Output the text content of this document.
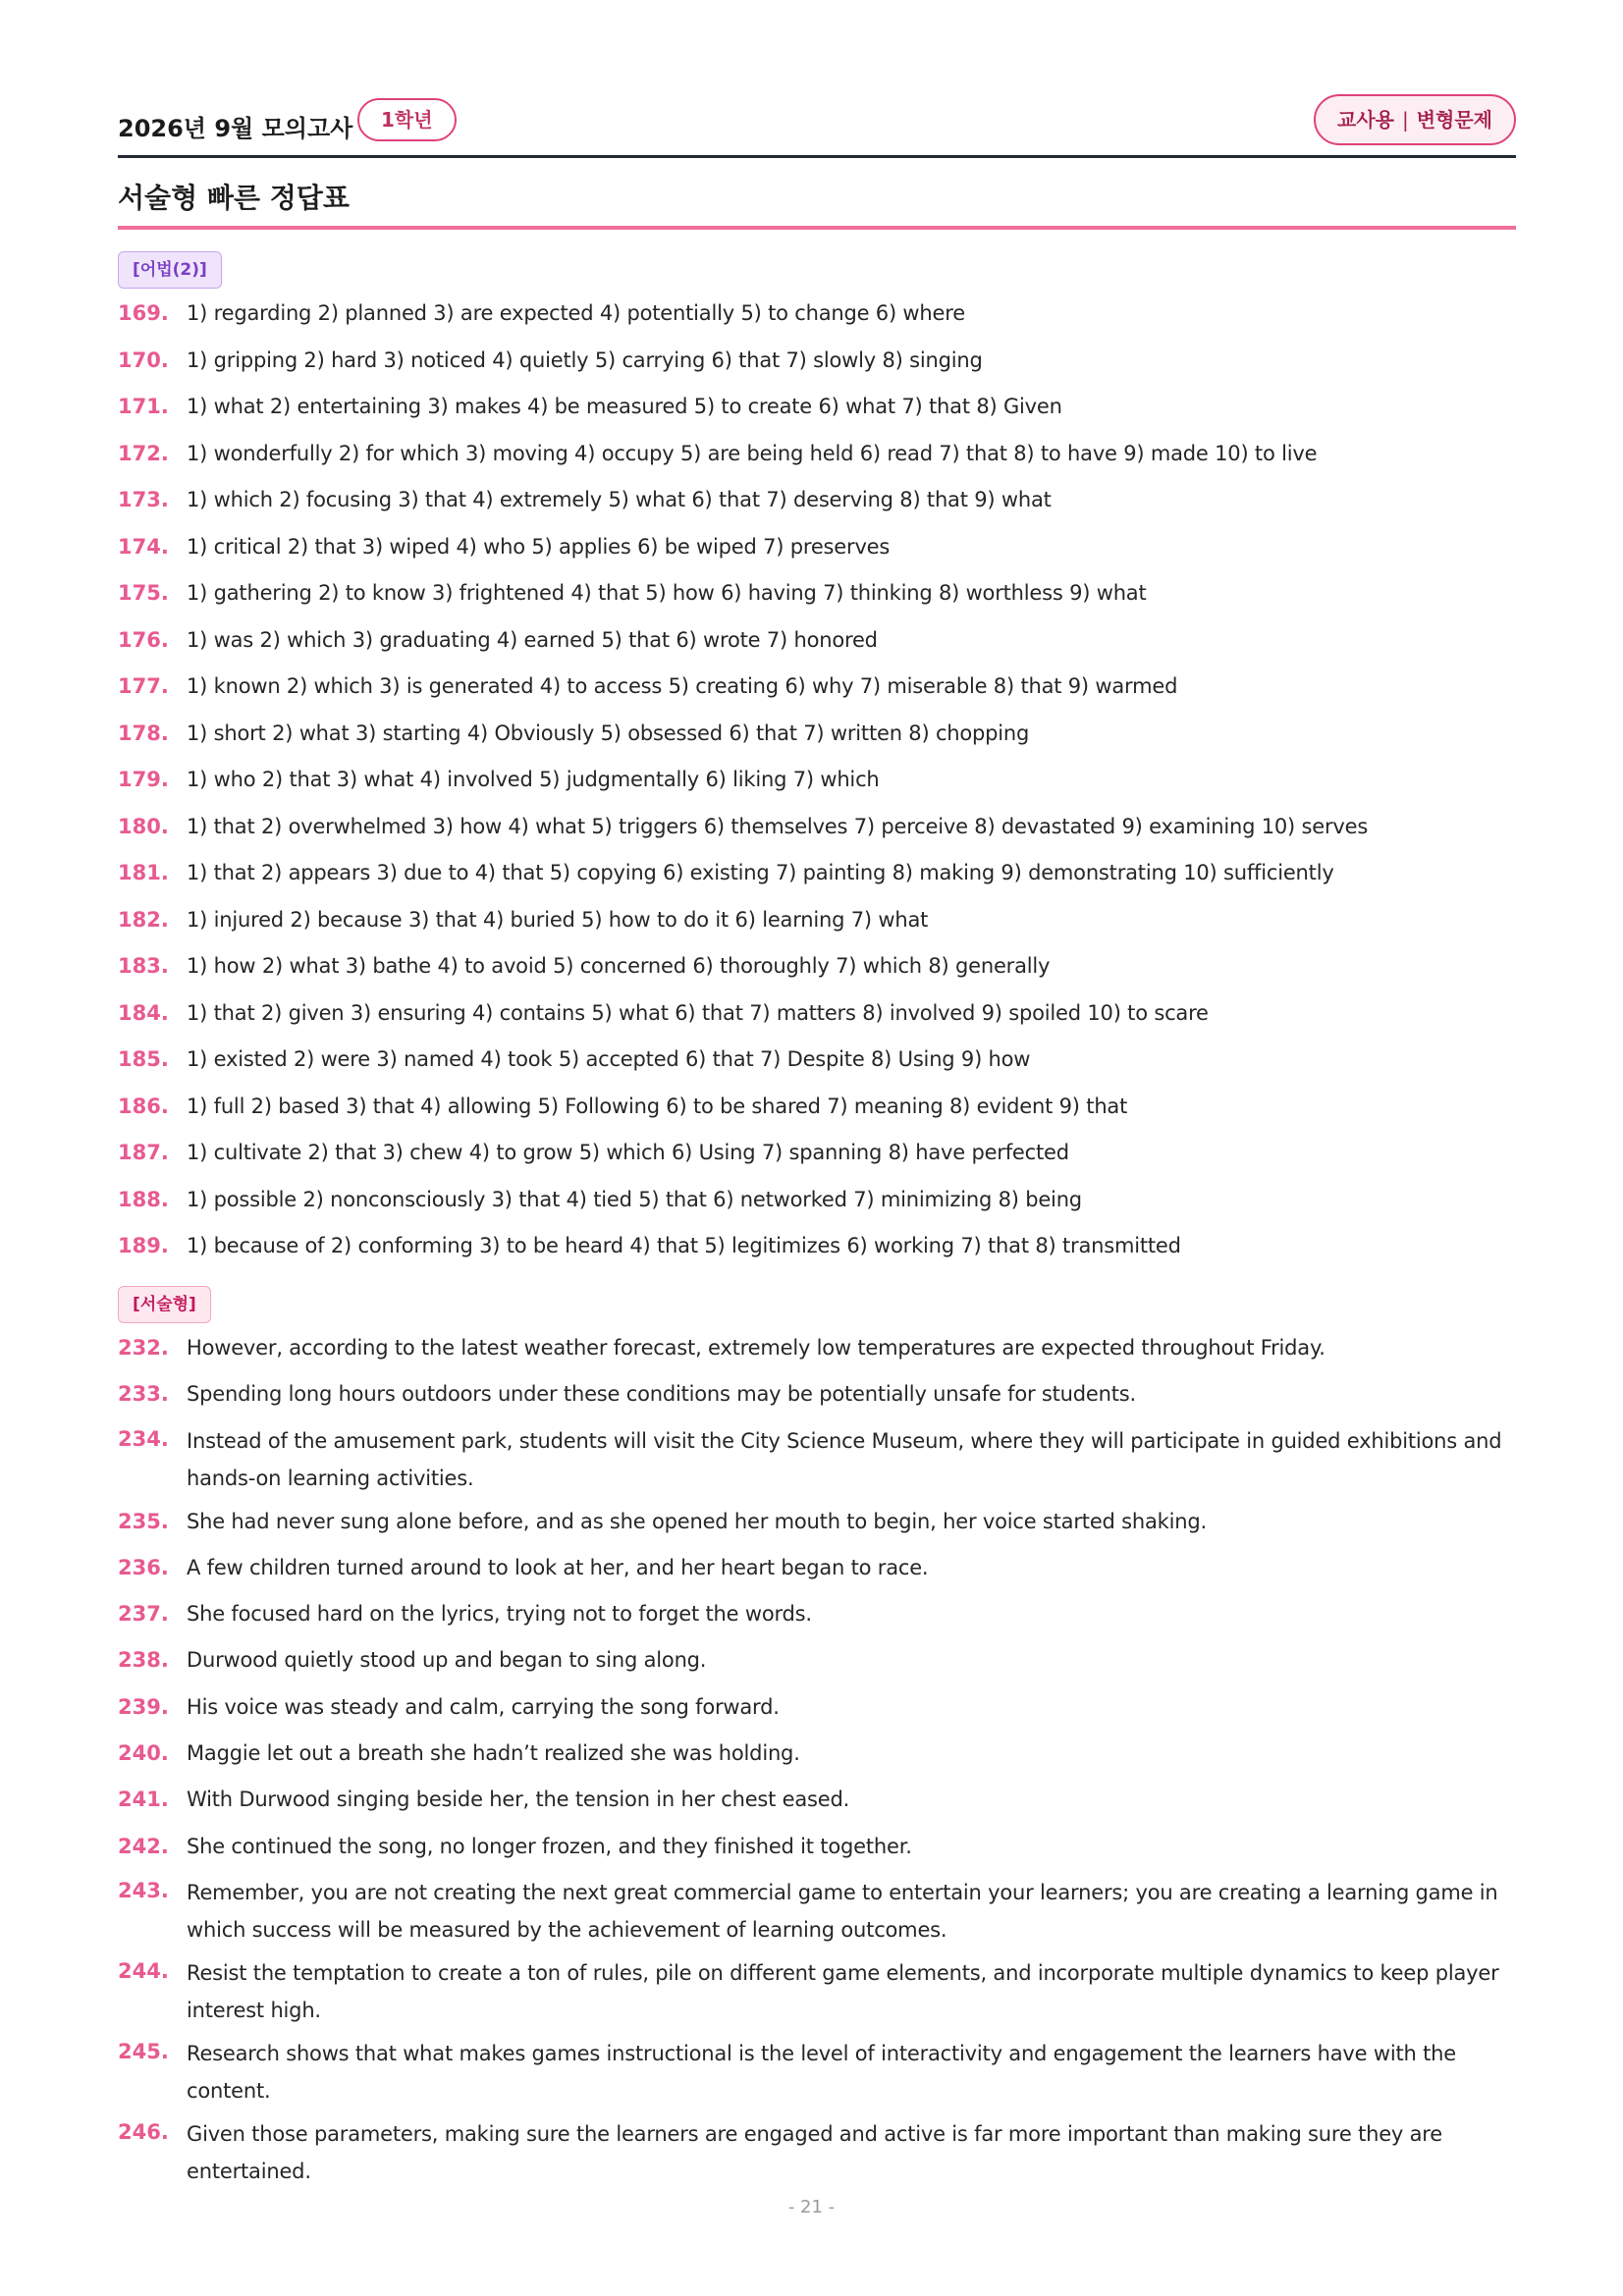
2026년 9월 모의고사	1학년	교사용 | 변형문제
서술형 빠른 정답표
[어법(2)]
169. 1) regarding 2) planned 3) are expected 4) potentially 5) to change 6) where
170. 1) gripping 2) hard 3) noticed 4) quietly 5) carrying 6) that 7) slowly 8) singing
171. 1) what 2) entertaining 3) makes 4) be measured 5) to create 6) what 7) that 8) Given
172. 1) wonderfully 2) for which 3) moving 4) occupy 5) are being held 6) read 7) that 8) to have 9) made 10) to live
173. 1) which 2) focusing 3) that 4) extremely 5) what 6) that 7) deserving 8) that 9) what
174. 1) critical 2) that 3) wiped 4) who 5) applies 6) be wiped 7) preserves
175. 1) gathering 2) to know 3) frightened 4) that 5) how 6) having 7) thinking 8) worthless 9) what
176. 1) was 2) which 3) graduating 4) earned 5) that 6) wrote 7) honored
177. 1) known 2) which 3) is generated 4) to access 5) creating 6) why 7) miserable 8) that 9) warmed
178. 1) short 2) what 3) starting 4) Obviously 5) obsessed 6) that 7) written 8) chopping
179. 1) who 2) that 3) what 4) involved 5) judgmentally 6) liking 7) which
180. 1) that 2) overwhelmed 3) how 4) what 5) triggers 6) themselves 7) perceive 8) devastated 9) examining 10) serves
181. 1) that 2) appears 3) due to 4) that 5) copying 6) existing 7) painting 8) making 9) demonstrating 10) sufficiently
182. 1) injured 2) because 3) that 4) buried 5) how to do it 6) learning 7) what
183. 1) how 2) what 3) bathe 4) to avoid 5) concerned 6) thoroughly 7) which 8) generally
184. 1) that 2) given 3) ensuring 4) contains 5) what 6) that 7) matters 8) involved 9) spoiled 10) to scare
185. 1) existed 2) were 3) named 4) took 5) accepted 6) that 7) Despite 8) Using 9) how
186. 1) full 2) based 3) that 4) allowing 5) Following 6) to be shared 7) meaning 8) evident 9) that
187. 1) cultivate 2) that 3) chew 4) to grow 5) which 6) Using 7) spanning 8) have perfected
188. 1) possible 2) nonconsciously 3) that 4) tied 5) that 6) networked 7) minimizing 8) being
189. 1) because of 2) conforming 3) to be heard 4) that 5) legitimizes 6) working 7) that 8) transmitted
[서술형]
232. However, according to the latest weather forecast, extremely low temperatures are expected throughout Friday.
233. Spending long hours outdoors under these conditions may be potentially unsafe for students.
234. Instead of the amusement park, students will visit the City Science Museum, where they will participate in guided exhibitions and hands-on learning activities.
235. She had never sung alone before, and as she opened her mouth to begin, her voice started shaking.
236. A few children turned around to look at her, and her heart began to race.
237. She focused hard on the lyrics, trying not to forget the words.
238. Durwood quietly stood up and began to sing along.
239. His voice was steady and calm, carrying the song forward.
240. Maggie let out a breath she hadn’t realized she was holding.
241. With Durwood singing beside her, the tension in her chest eased.
242. She continued the song, no longer frozen, and they finished it together.
243. Remember, you are not creating the next great commercial game to entertain your learners; you are creating a learning game in which success will be measured by the achievement of learning outcomes.
244. Resist the temptation to create a ton of rules, pile on different game elements, and incorporate multiple dynamics to keep player interest high.
245. Research shows that what makes games instructional is the level of interactivity and engagement the learners have with the content.
246. Given those parameters, making sure the learners are engaged and active is far more important than making sure they are entertained.
- 21 -
